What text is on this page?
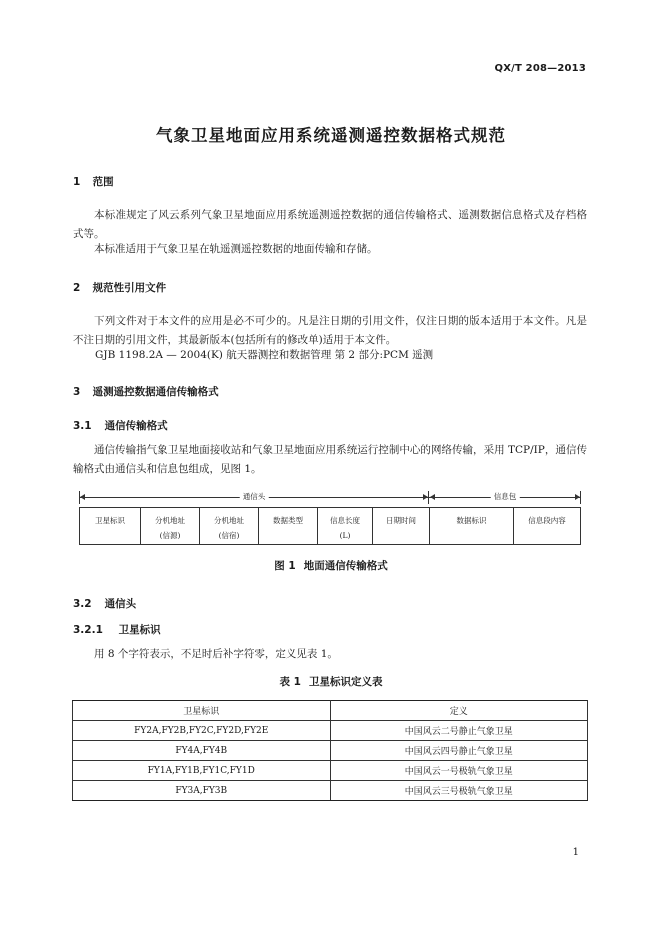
QX/T 208—2013
气象卫星地面应用系统遥测遥控数据格式规范
1 范围
本标准规定了风云系列气象卫星地面应用系统遥测遥控数据的通信传输格式、遥测数据信息格式及存档格式等。
本标准适用于气象卫星在轨遥测遥控数据的地面传输和存储。
2 规范性引用文件
下列文件对于本文件的应用是必不可少的。凡是注日期的引用文件，仅注日期的版本适用于本文件。凡是不注日期的引用文件，其最新版本(包括所有的修改单)适用于本文件。
GJB 1198.2A — 2004(K) 航天器测控和数据管理 第 2 部分:PCM 遥测
3 遥测遥控数据通信传输格式
3.1 通信传输格式
通信传输指气象卫星地面接收站和气象卫星地面应用系统运行控制中心的网络传输，采用 TCP/IP，通信传输格式由通信头和信息包组成，见图 1。
通信头	信息包
卫星标识	分机地址
(信源)
分机地址
(信宿)
数据类型	信息长度
(L)
日期时间	数据标识	信息段内容
图 1 地面通信传输格式
3.2 通信头
3.2.1 卫星标识
用 8 个字符表示，不足时后补字符零，定义见表 1。
表 1 卫星标识定义表
卫星标识	定义
FY2A,FY2B,FY2C,FY2D,FY2E	中国风云二号静止气象卫星
FY4A,FY4B	中国风云四号静止气象卫星
FY1A,FY1B,FY1C,FY1D	中国风云一号极轨气象卫星
FY3A,FY3B	中国风云三号极轨气象卫星
1
